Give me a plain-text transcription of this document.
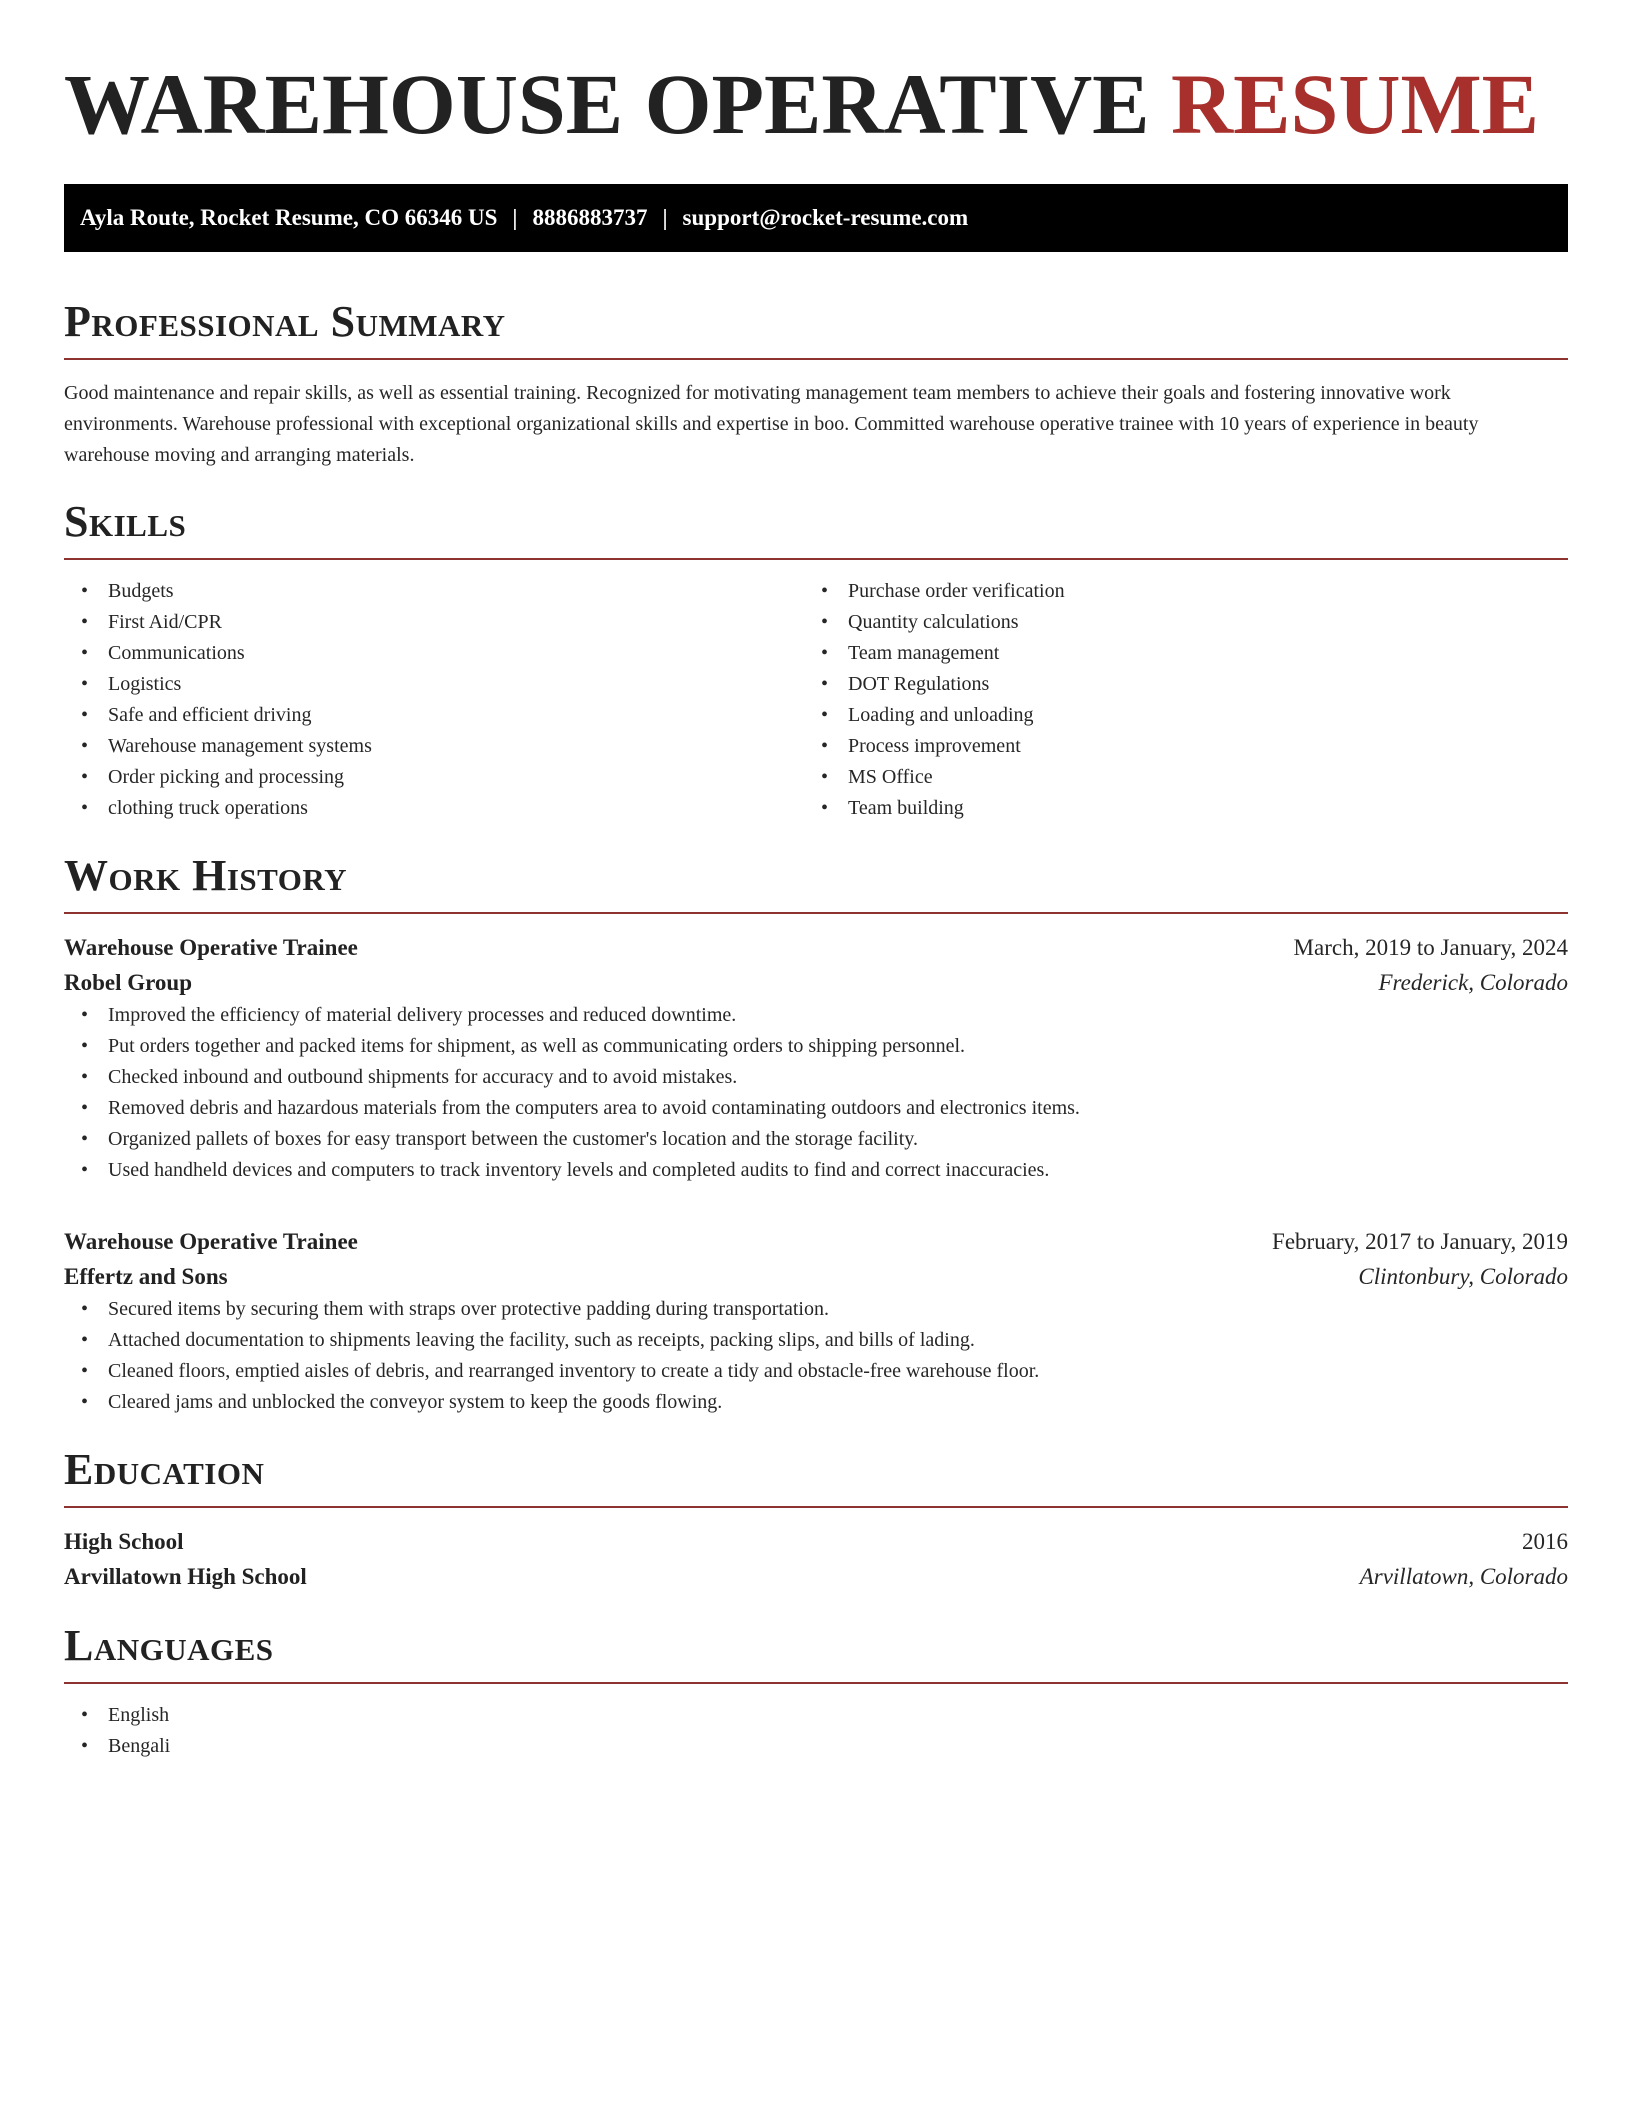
WAREHOUSE OPERATIVE RESUME
Ayla Route, Rocket Resume, CO 66346 US | 8886883737 | support@rocket-resume.com
Professional Summary

Good maintenance and repair skills, as well as essential training. Recognized for motivating management team members to achieve their goals and fostering innovative work environments. Warehouse professional with exceptional organizational skills and expertise in boo. Committed warehouse operative trainee with 10 years of experience in beauty warehouse moving and arranging materials.

Skills
• Budgets
• First Aid/CPR
• Communications
• Logistics
• Safe and efficient driving
• Warehouse management systems
• Order picking and processing
• clothing truck operations
• Purchase order verification
• Quantity calculations
• Team management
• DOT Regulations
• Loading and unloading
• Process improvement
• MS Office
• Team building
Work History
Warehouse Operative Trainee	March, 2019 to January, 2024
Robel Group	Frederick, Colorado
• Improved the efficiency of material delivery processes and reduced downtime.
• Put orders together and packed items for shipment, as well as communicating orders to shipping personnel.
• Checked inbound and outbound shipments for accuracy and to avoid mistakes.
• Removed debris and hazardous materials from the computers area to avoid contaminating outdoors and electronics items.
• Organized pallets of boxes for easy transport between the customer's location and the storage facility.
• Used handheld devices and computers to track inventory levels and completed audits to find and correct inaccuracies.
Warehouse Operative Trainee	February, 2017 to January, 2019
Effertz and Sons	Clintonbury, Colorado
• Secured items by securing them with straps over protective padding during transportation.
• Attached documentation to shipments leaving the facility, such as receipts, packing slips, and bills of lading.
• Cleaned floors, emptied aisles of debris, and rearranged inventory to create a tidy and obstacle-free warehouse floor.
• Cleared jams and unblocked the conveyor system to keep the goods flowing.
Education
High School	2016
Arvillatown High School	Arvillatown, Colorado
Languages
• English
• Bengali
